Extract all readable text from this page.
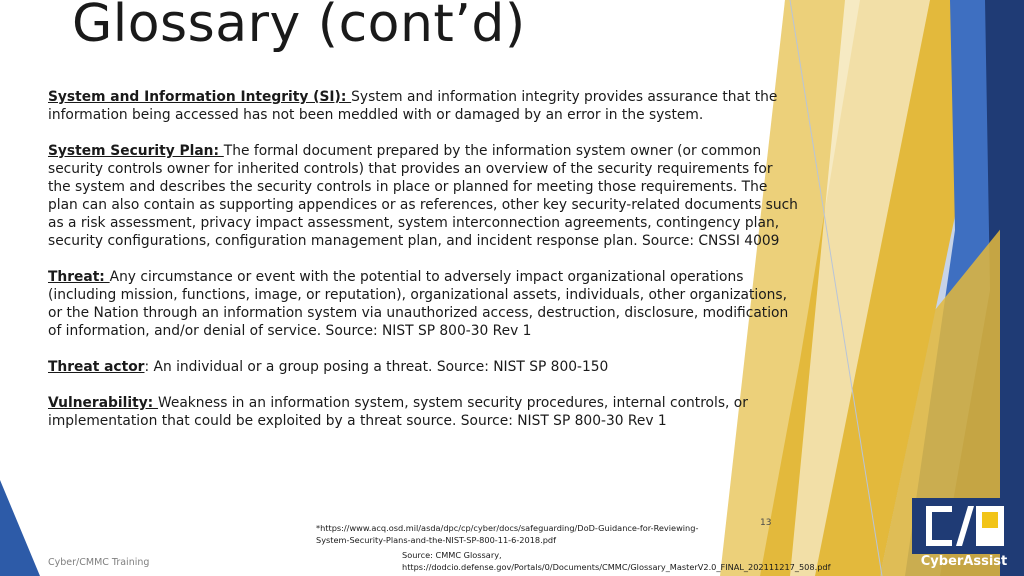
Glossary (cont’d)

System and Information Integrity (SI): System and information integrity provides assurance that the information being accessed has not been meddled with or damaged by an error in the system.

System Security Plan: The formal document prepared by the information system owner (or common security controls owner for inherited controls) that provides an overview of the security requirements for the system and describes the security controls in place or planned for meeting those requirements. The plan can also contain as supporting appendices or as references, other key security-related documents such as a risk assessment, privacy impact assessment, system interconnection agreements, contingency plan, security configurations, configuration management plan, and incident response plan. Source: CNSSI 4009

Threat: Any circumstance or event with the potential to adversely impact organizational operations (including mission, functions, image, or reputation), organizational assets, individuals, other organizations, or the Nation through an information system via unauthorized access, destruction, disclosure, modification of information, and/or denial of service. Source: NIST SP 800-30 Rev 1

Threat actor: An individual or a group posing a threat. Source: NIST SP 800-150

Vulnerability: Weakness in an information system, system security procedures, internal controls, or implementation that could be exploited by a threat source. Source: NIST SP 800-30 Rev 1

13
*https://www.acq.osd.mil/asda/dpc/cp/cyber/docs/safeguarding/DoD-Guidance-for-Reviewing-
System-Security-Plans-and-the-NIST-SP-800-11-6-2018.pdf
Source: CMMC Glossary,
https://dodcio.defense.gov/Portals/0/Documents/CMMC/Glossary_MasterV2.0_FINAL_202111217_508.pdf
Cyber/CMMC Training	CyberAssist
